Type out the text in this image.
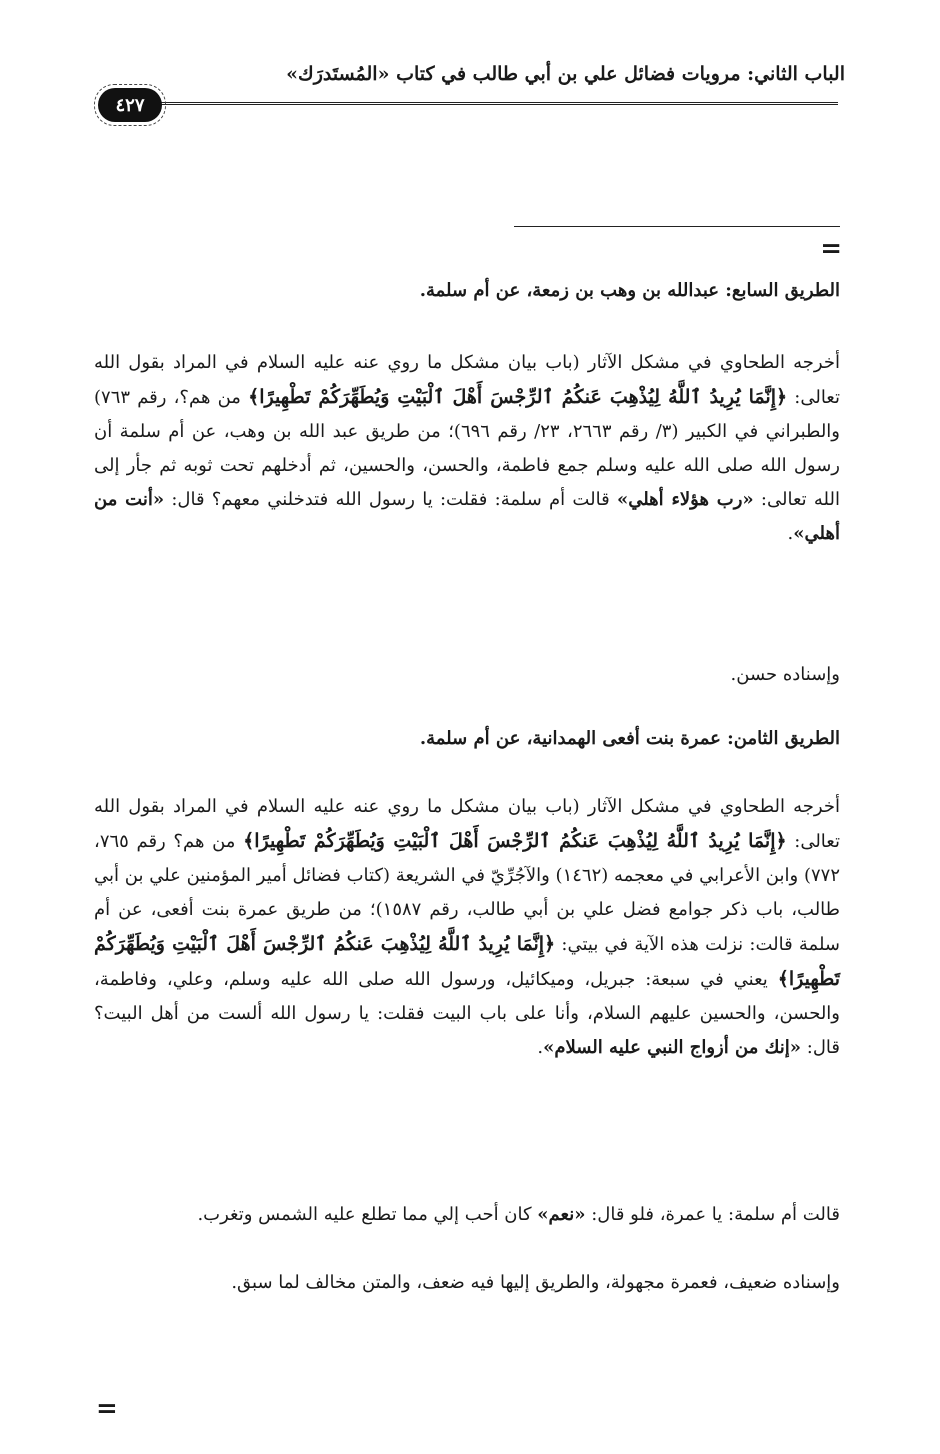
الباب الثاني: مرويات فضائل علي بن أبي طالب في كتاب «المُستَدرَك»
٤٢٧
=

الطريق السابع: عبدالله بن وهب بن زمعة، عن أم سلمة.

أخرجه الطحاوي في مشكل الآثار (باب بيان مشكل ما روي عنه عليه السلام في المراد بقول الله تعالى: ﴿إِنَّمَا يُرِيدُ ٱللَّهُ لِيُذْهِبَ عَنكُمُ ٱلرِّجْسَ أَهْلَ ٱلْبَيْتِ وَيُطَهِّرَكُمْ تَطْهِيرًا﴾ من هم؟، رقم ٧٦٣) والطبراني في الكبير (٣/ رقم ٢٦٦٣، ٢٣/ رقم ٦٩٦)؛ من طريق عبد الله بن وهب، عن أم سلمة أن رسول الله صلى الله عليه وسلم جمع فاطمة، والحسن، والحسين، ثم أدخلهم تحت ثوبه ثم جأر إلى الله تعالى: «رب هؤلاء أهلي» قالت أم سلمة: فقلت: يا رسول الله فتدخلني معهم؟ قال: «أنت من أهلي».

وإسناده حسن.

الطريق الثامن: عمرة بنت أفعى الهمدانية، عن أم سلمة.

أخرجه الطحاوي في مشكل الآثار (باب بيان مشكل ما روي عنه عليه السلام في المراد بقول الله تعالى: ﴿إِنَّمَا يُرِيدُ ٱللَّهُ لِيُذْهِبَ عَنكُمُ ٱلرِّجْسَ أَهْلَ ٱلْبَيْتِ وَيُطَهِّرَكُمْ تَطْهِيرًا﴾ من هم؟ رقم ٧٦٥، ٧٧٢) وابن الأعرابي في معجمه (١٤٦٢) والآجُرِّيّ في الشريعة (كتاب فضائل أمير المؤمنين علي بن أبي طالب، باب ذكر جوامع فضل علي بن أبي طالب، رقم ١٥٨٧)؛ من طريق عمرة بنت أفعى، عن أم سلمة قالت: نزلت هذه الآية في بيتي: ﴿إِنَّمَا يُرِيدُ ٱللَّهُ لِيُذْهِبَ عَنكُمُ ٱلرِّجْسَ أَهْلَ ٱلْبَيْتِ وَيُطَهِّرَكُمْ تَطْهِيرًا﴾ يعني في سبعة: جبريل، وميكائيل، ورسول الله صلى الله عليه وسلم، وعلي، وفاطمة، والحسن، والحسين عليهم السلام، وأنا على باب البيت فقلت: يا رسول الله ألست من أهل البيت؟ قال: «إنك من أزواج النبي عليه السلام».

قالت أم سلمة: يا عمرة، فلو قال: «نعم» كان أحب إلي مما تطلع عليه الشمس وتغرب.

وإسناده ضعيف، فعمرة مجهولة، والطريق إليها فيه ضعف، والمتن مخالف لما سبق.

=
